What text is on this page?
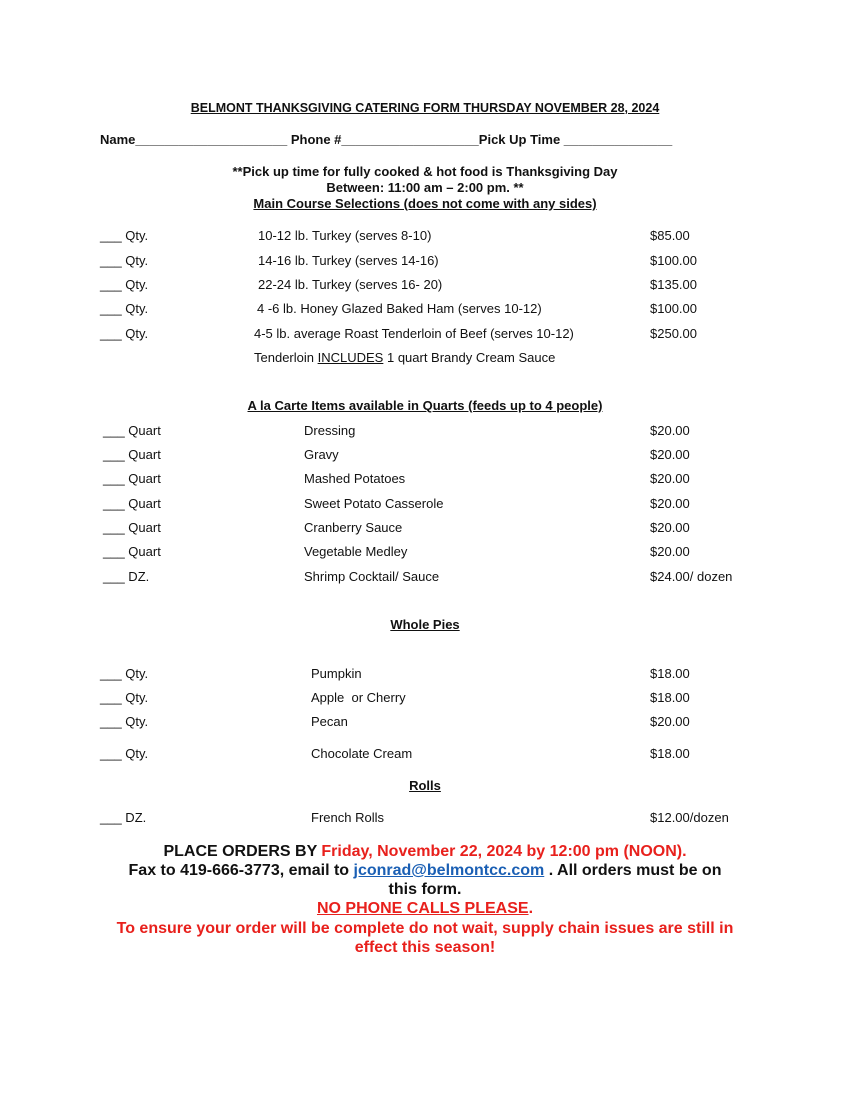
BELMONT THANKSGIVING CATERING FORM THURSDAY NOVEMBER 28, 2024
Name_____________________ Phone #___________________Pick Up Time _______________
**Pick up time for fully cooked & hot food is Thanksgiving Day
Between: 11:00 am – 2:00 pm. **
Main Course Selections (does not come with any sides)
___ Qty.	10-12 lb. Turkey (serves 8-10)	$85.00
___ Qty.	14-16 lb. Turkey (serves 14-16)	$100.00
___ Qty.	22-24 lb. Turkey (serves 16- 20)	$135.00
___ Qty.	4 -6 lb. Honey Glazed Baked Ham (serves 10-12)	$100.00
___ Qty.	4-5 lb. average Roast Tenderloin of Beef (serves 10-12)	$250.00
Tenderloin INCLUDES 1 quart Brandy Cream Sauce
A la Carte Items available in Quarts (feeds up to 4 people)
___ Quart	Dressing	$20.00
___ Quart	Gravy	$20.00
___ Quart	Mashed Potatoes	$20.00
___ Quart	Sweet Potato Casserole	$20.00
___ Quart	Cranberry Sauce	$20.00
___ Quart	Vegetable Medley	$20.00
___ DZ.	Shrimp Cocktail/ Sauce	$24.00/ dozen
Whole Pies
___ Qty.	Pumpkin	$18.00
___ Qty.	Apple  or Cherry	$18.00
___ Qty.	Pecan	$20.00
___ Qty.	Chocolate Cream	$18.00
Rolls
___ DZ.	French Rolls	$12.00/dozen
PLACE ORDERS BY Friday, November 22, 2024 by 12:00 pm (NOON).
Fax to 419-666-3773, email to jconrad@belmontcc.com . All orders must be on
this form.
NO PHONE CALLS PLEASE.
To ensure your order will be complete do not wait, supply chain issues are still in
effect this season!
